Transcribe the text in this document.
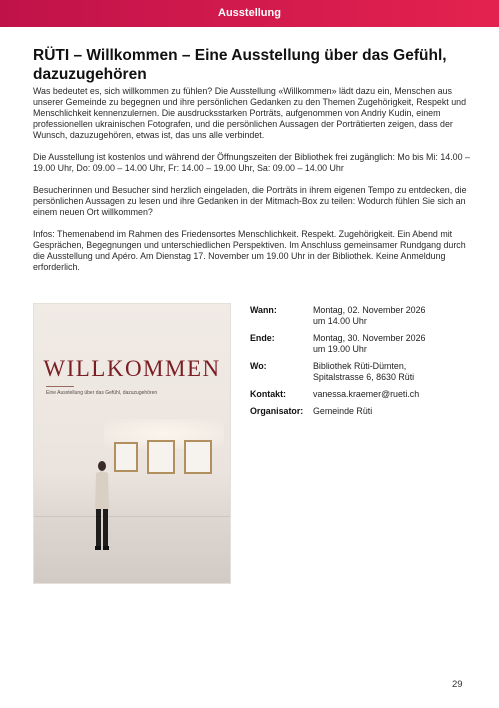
Ausstellung
RÜTI – Willkommen – Eine Ausstellung über das Gefühl, dazuzugehören

Was bedeutet es, sich willkommen zu fühlen? Die Ausstellung «Willkommen» lädt dazu ein, Menschen aus unserer Gemeinde zu begegnen und ihre persönlichen Gedanken zu den Themen Zugehörigkeit, Respekt und Menschlichkeit kennenzulernen. Die ausdrucksstarken Porträts, aufgenommen von Andriy Kudin, einem professionellen ukrainischen Fotografen, und die persönlichen Aussagen der Porträtierten zeigen, dass der Wunsch, dazuzugehören, etwas ist, das uns alle verbindet.

Die Ausstellung ist kostenlos und während der Öffnungszeiten der Bibliothek frei zugänglich: Mo bis Mi: 14.00 – 19.00 Uhr, Do: 09.00 – 14.00 Uhr, Fr: 14.00 – 19.00 Uhr, Sa: 09.00 – 14.00 Uhr

Besucherinnen und Besucher sind herzlich eingeladen, die Porträts in ihrem eigenen Tempo zu entdecken, die persönlichen Aussagen zu lesen und ihre Gedanken in der Mitmach-Box zu teilen: Wodurch fühlen Sie sich an einem neuen Ort willkommen?

Infos: Themenabend im Rahmen des Friedensortes Menschlichkeit. Respekt. Zugehörigkeit. Ein Abend mit Gesprächen, Begegnungen und unterschiedlichen Perspektiven. Im Anschluss gemeinsamer Rundgang durch die Ausstellung und Apéro. Am Dienstag 17. November um 19.00 Uhr in der Bibliothek. Keine Anmeldung erforderlich.

WILLKOMMEN
Eine Ausstellung über das Gefühl, dazuzugehören
Wann:	Montag, 02. November 2026
um 14.00 Uhr
Ende:	Montag, 30. November 2026
um 19.00 Uhr
Wo:	Bibliothek Rüti-Dümten,
Spitalstrasse 6, 8630 Rüti
Kontakt:	vanessa.kraemer@rueti.ch
Organisator:	Gemeinde Rüti
29
